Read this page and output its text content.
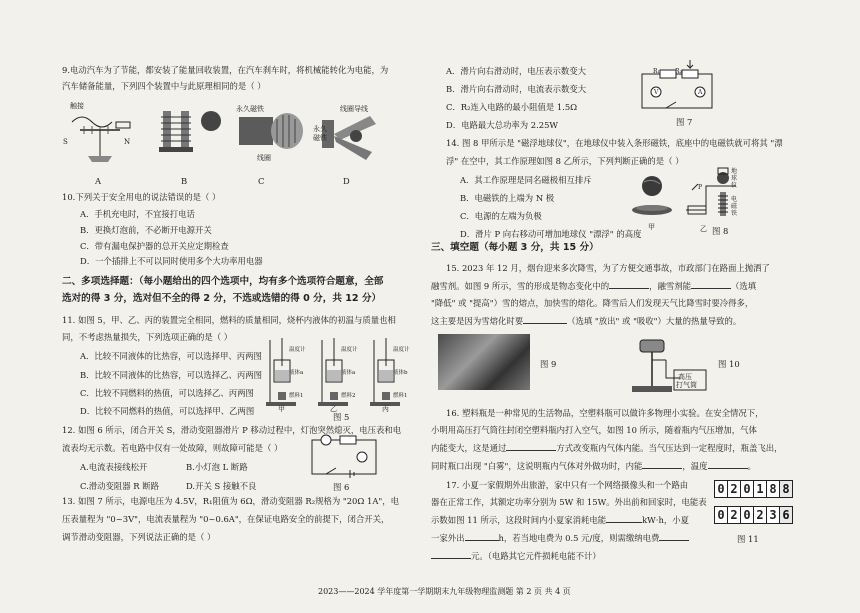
9.电动汽车为了节能，都安装了能量回收装置，在汽车刹车时，将机械能转化为电能，为
汽车储备能量，下列四个装置中与此原理相同的是（ ）
触接
S	N
永久磁铁
线圈
线圈导线
永久
磁铁
A	B	C	D
10.下列关于安全用电的说法错误的是（ ）
A．手机充电时，不宜接打电话
B．更换灯泡前，不必断开电源开关
C．带有漏电保护器的总开关应定期检查
D．一个插排上不可以同时使用多个大功率用电器
二、多项选择题：（每小题给出的四个选项中，均有多个选项符合题意，全部
选对的得 3 分，选对但不全的得 2 分，不选或选错的得 0 分，共 12 分）
11. 如图 5，甲、乙、丙的装置完全相同，燃料的质量相同，烧杯内液体的初温与质量也相
同，不考虑热量损失，下列选项正确的是（ ）
A．比较不同液体的比热容，可以选择甲、丙两图
B．比较不同液体的比热容，可以选择乙、丙两图
C．比较不同燃料的热值，可以选择乙、丙两图
D．比较不同燃料的热值，可以选择甲、乙两图
温度计
液体a
燃料1
温度计
液体a
燃料2
温度计
液体b
燃料1
甲	乙	丙
图 5
12. 如图 6 所示，闭合开关 S，滑动变阻器滑片 P 移动过程中，灯泡突然熄灭，电压表和电
流表均无示数。若电路中仅有一处故障，则故障可能是（ ）
A.电流表接线松开	B.小灯泡 L 断路
C.滑动变阻器 R 断路	D.开关 S 接触不良	图 6
13. 如图 7 所示，电源电压为 4.5V，R₁阻值为 6Ω，滑动变阻器 R₂规格为 "20Ω 1A"，电
压表量程为 "0~3V"，电流表量程为 "0~0.6A"，在保证电路安全的前提下，闭合开关，
调节滑动变阻器，下列说法正确的是（ ）
A．滑片向右滑动时，电压表示数变大
B．滑片向右滑动时，电流表示数变大
C．R₂连入电路的最小阻值是 1.5Ω
D．电路最大总功率为 2.25W
R₁	R₂
V	A
图 7
14. 图 8 甲所示是 "磁浮地球仪"，在地球仪中装入条形磁铁，底座中的电磁铁就可将其 "漂
浮" 在空中，其工作原理如图 8 乙所示，下列判断正确的是（ ）
A．其工作原理是同名磁极相互排斥
B．电磁铁的上端为 N 极
C．电源的左端为负极
D．滑片 P 向右移动可增加地球仪 "漂浮" 的高度
甲
P
地球仪
电磁铁
乙 图 8
三、填空题（每小题 3 分，共 15 分）
15. 2023 年 12 月，烟台迎来多次降雪，为了方便交通事故，市政部门在路面上抛洒了
融雪剂。如图 9 所示，雪的形成是物态变化中的	，融雪剂能	（选填
"降低" 或 "提高"）雪的熔点，加快雪的熔化。降雪后人们发现天气比降雪时要冷得多，
这主要是因为雪熔化时要	（选填 "放出" 或 "吸收"）大量的热量导致的。
图 9
高压
打气筒
图 10
16. 塑料瓶是一种常见的生活物品，空塑料瓶可以做许多物理小实验。在安全情况下，
小明用高压打气筒往封闭空塑料瓶内打入空气，如图 10 所示，随着瓶内气压增加，气体
内能变大，这是通过	方式改变瓶内气体内能。当气压达到一定程度时，瓶盖飞出，
同时瓶口出现 "白雾"，这说明瓶内气体对外做功时，内能	，温度	。
17. 小夏一家假期外出旅游，家中只有一个网络摄像头和一个路由
器在正常工作，其额定功率分别为 5W 和 15W。外出前和回家时，电能表
示数如图 11 所示，这段时间内小夏家消耗电能	kW·h，小夏
一家外出	h，若当地电费为 0.5 元/度，则需缴纳电费
元。（电路其它元件损耗电能不计）
0 2 0 1 8 8
0 2 0 2 3 6
图 11
2023——2024 学年度第一学期期末九年级物理监测题 第 2 页 共 4 页
